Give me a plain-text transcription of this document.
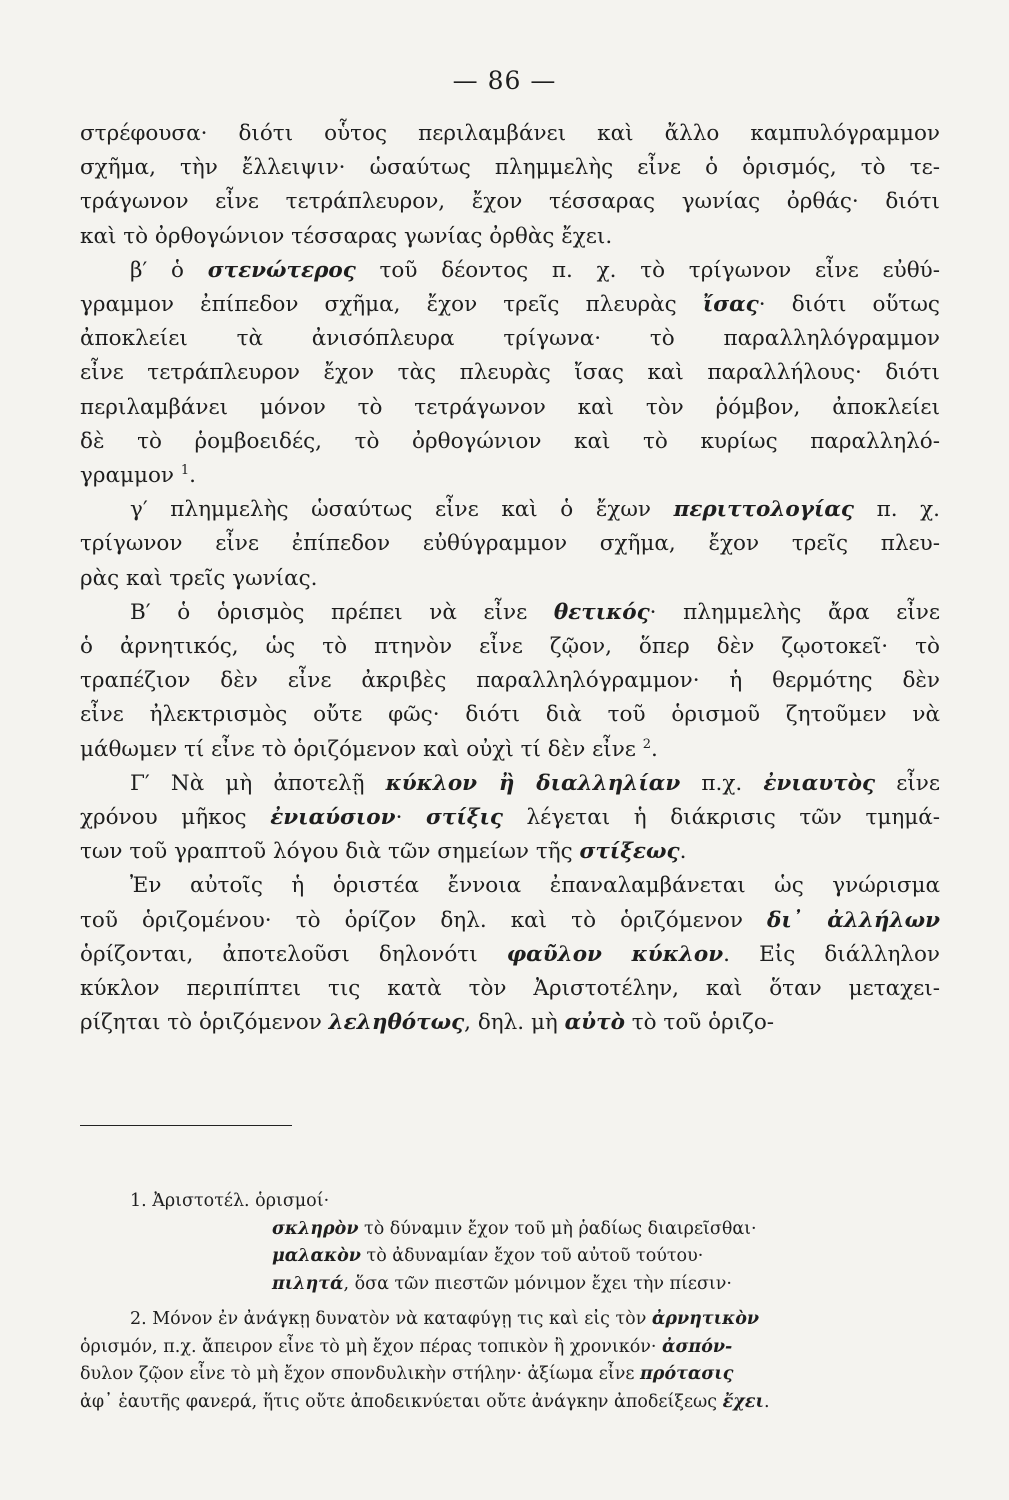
— 86 —
στρέφουσα· διότι οὗτος περιλαμβάνει καὶ ἄλλο καμπυλόγραμμον
σχῆμα, τὴν ἔλλειψιν· ὡσαύτως πλημμελὴς εἶνε ὁ ὁρισμός, τὸ τε-
τράγωνον εἶνε τετράπλευρον, ἔχον τέσσαρας γωνίας ὀρθάς· διότι
καὶ τὸ ὀρθογώνιον τέσσαρας γωνίας ὀρθὰς ἔχει.
β′ ὁ στενώτερος τοῦ δέοντος π. χ. τὸ τρίγωνον εἶνε εὐθύ-
γραμμον ἐπίπεδον σχῆμα, ἔχον τρεῖς πλευρὰς ἴσας· διότι οὕτως
ἀποκλείει τὰ ἀνισόπλευρα τρίγωνα· τὸ παραλληλόγραμμον
εἶνε τετράπλευρον ἔχον τὰς πλευρὰς ἴσας καὶ παραλλήλους· διότι
περιλαμβάνει μόνον τὸ τετράγωνον καὶ τὸν ῥόμβον, ἀποκλείει
δὲ τὸ ῥομβοειδές, τὸ ὀρθογώνιον καὶ τὸ κυρίως παραλληλό-
γραμμον $^1$.
γ′ πλημμελὴς ὡσαύτως εἶνε καὶ ὁ ἔχων περιττολογίας π. χ.
τρίγωνον εἶνε ἐπίπεδον εὐθύγραμμον σχῆμα, ἔχον τρεῖς πλευ-
ρὰς καὶ τρεῖς γωνίας.
Β′ ὁ ὁρισμὸς πρέπει νὰ εἶνε θετικός· πλημμελὴς ἄρα εἶνε
ὁ ἀρνητικός, ὡς τὸ πτηνὸν εἶνε ζῷον, ὅπερ δὲν ζῳοτοκεῖ· τὸ
τραπέζιον δὲν εἶνε ἀκριβὲς παραλληλόγραμμον· ἡ θερμότης δὲν
εἶνε ἠλεκτρισμὸς οὔτε φῶς· διότι διὰ τοῦ ὁρισμοῦ ζητοῦμεν νὰ
μάθωμεν τί εἶνε τὸ ὁριζόμενον καὶ οὐχὶ τί δὲν εἶνε $^2$.
Γ′ Νὰ μὴ ἀποτελῇ κύκλον ἢ διαλληλίαν π.χ. ἐνιαυτὸς εἶνε
χρόνου μῆκος ἐνιαύσιον· στίξις λέγεται ἡ διάκρισις τῶν τμημά-
των τοῦ γραπτοῦ λόγου διὰ τῶν σημείων τῆς στίξεως.
Ἐν αὐτοῖς ἡ ὁριστέα ἔννοια ἐπαναλαμβάνεται ὡς γνώρισμα
τοῦ ὁριζομένου· τὸ ὁρίζον δηλ. καὶ τὸ ὁριζόμενον δι᾽ ἀλλήλων
ὁρίζονται, ἀποτελοῦσι δηλονότι φαῦλον κύκλον. Εἰς διάλληλον
κύκλον περιπίπτει τις κατὰ τὸν Ἀριστοτέλην, καὶ ὅταν μεταχει-
ρίζηται τὸ ὁριζόμενον λεληθότως, δηλ. μὴ αὐτὸ τὸ τοῦ ὁριζο-
1. Ἀριστοτέλ. ὁρισμοί·
σκληρὸν τὸ δύναμιν ἔχον τοῦ μὴ ῥαδίως διαιρεῖσθαι·
μαλακὸν τὸ ἀδυναμίαν ἔχον τοῦ αὐτοῦ τούτου·
πιλητά, ὅσα τῶν πιεστῶν μόνιμον ἔχει τὴν πίεσιν·
2. Μόνον ἐν ἀνάγκῃ δυνατὸν νὰ καταφύγῃ τις καὶ εἰς τὸν ἀρνητικὸν
ὁρισμόν, π.χ. ἄπειρον εἶνε τὸ μὴ ἔχον πέρας τοπικὸν ἢ χρονικόν· ἀσπόν-
δυλον ζῷον εἶνε τὸ μὴ ἔχον σπονδυλικὴν στήλην· ἀξίωμα εἶνε πρότασις
ἀφ᾽ ἑαυτῆς φανερά, ἥτις οὔτε ἀποδεικνύεται οὔτε ἀνάγκην ἀποδείξεως ἔχει.
